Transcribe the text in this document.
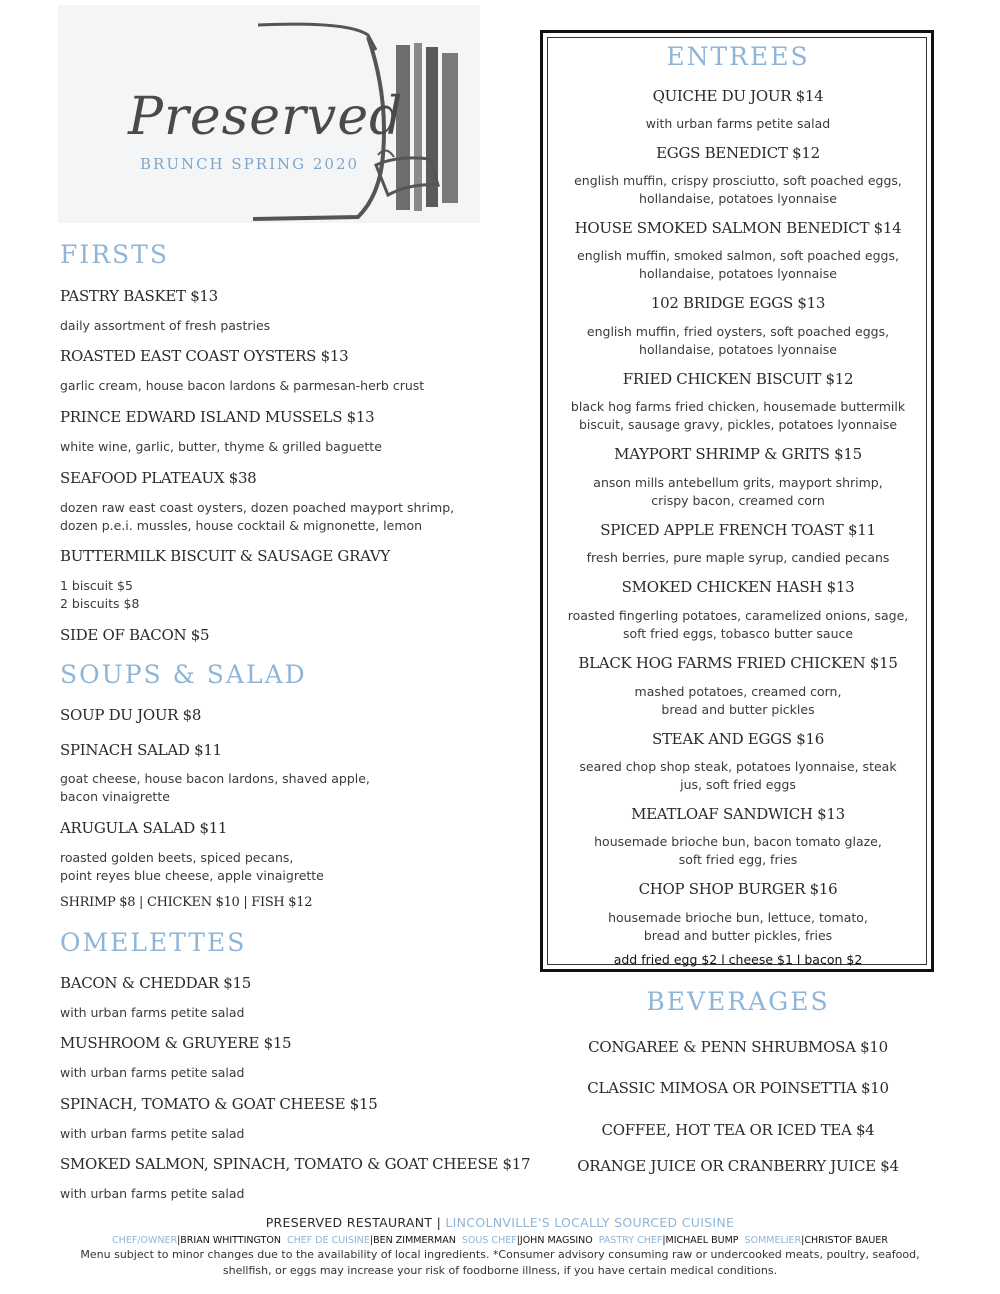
Preserved
BRUNCH SPRING 2020
FIRSTS
PASTRY BASKET $13
daily assortment of fresh pastries
ROASTED EAST COAST OYSTERS $13
garlic cream, house bacon lardons & parmesan-herb crust
PRINCE EDWARD ISLAND MUSSELS $13
white wine, garlic, butter, thyme & grilled baguette
SEAFOOD PLATEAUX $38
dozen raw east coast oysters, dozen poached mayport shrimp,
dozen p.e.i. mussles, house cocktail & mignonette, lemon
BUTTERMILK BISCUIT & SAUSAGE GRAVY
1 biscuit $5
2 biscuits $8
SIDE OF BACON $5
SOUPS & SALAD
SOUP DU JOUR $8
SPINACH SALAD $11
goat cheese, house bacon lardons, shaved apple,
bacon vinaigrette
ARUGULA SALAD $11
roasted golden beets, spiced pecans,
point reyes blue cheese, apple vinaigrette
SHRIMP $8 | CHICKEN $10 | FISH $12
OMELETTES
BACON & CHEDDAR $15
with urban farms petite salad
MUSHROOM & GRUYERE $15
with urban farms petite salad
SPINACH, TOMATO & GOAT CHEESE $15
with urban farms petite salad
SMOKED SALMON, SPINACH, TOMATO & GOAT CHEESE $17
with urban farms petite salad
ENTREES
QUICHE DU JOUR $14
with urban farms petite salad
EGGS BENEDICT $12
english muffin, crispy prosciutto, soft poached eggs,
hollandaise, potatoes lyonnaise
HOUSE SMOKED SALMON BENEDICT $14
english muffin, smoked salmon, soft poached eggs,
hollandaise, potatoes lyonnaise
102 BRIDGE EGGS $13
english muffin, fried oysters, soft poached eggs,
hollandaise, potatoes lyonnaise
FRIED CHICKEN BISCUIT $12
black hog farms fried chicken, housemade buttermilk
biscuit, sausage gravy, pickles, potatoes lyonnaise
MAYPORT SHRIMP & GRITS $15
anson mills antebellum grits, mayport shrimp,
crispy bacon, creamed corn
SPICED APPLE FRENCH TOAST $11
fresh berries, pure maple syrup, candied pecans
SMOKED CHICKEN HASH $13
roasted fingerling potatoes, caramelized onions, sage,
soft fried eggs, tobasco butter sauce
BLACK HOG FARMS FRIED CHICKEN $15
mashed potatoes, creamed corn,
bread and butter pickles
STEAK AND EGGS $16
seared chop shop steak, potatoes lyonnaise, steak
jus, soft fried eggs
MEATLOAF SANDWICH $13
housemade brioche bun, bacon tomato glaze,
soft fried egg, fries
CHOP SHOP BURGER $16
housemade brioche bun, lettuce, tomato,
bread and butter pickles, fries
add fried egg $2 l cheese $1 l bacon $2
BEVERAGES
CONGAREE & PENN SHRUBMOSA $10
CLASSIC MIMOSA OR POINSETTIA $10
COFFEE, HOT TEA OR ICED TEA $4
ORANGE JUICE OR CRANBERRY JUICE $4
PRESERVED RESTAURANT | LINCOLNVILLE'S LOCALLY SOURCED CUISINE
CHEF/OWNER|BRIAN WHITTINGTON CHEF DE CUISINE|BEN ZIMMERMAN SOUS CHEF|JOHN MAGSINO PASTRY CHEF|MICHAEL BUMP SOMMELIER|CHRISTOF BAUER
Menu subject to minor changes due to the availability of local ingredients. *Consumer advisory consuming raw or undercooked meats, poultry, seafood,
shellfish, or eggs may increase your risk of foodborne illness, if you have certain medical conditions.
